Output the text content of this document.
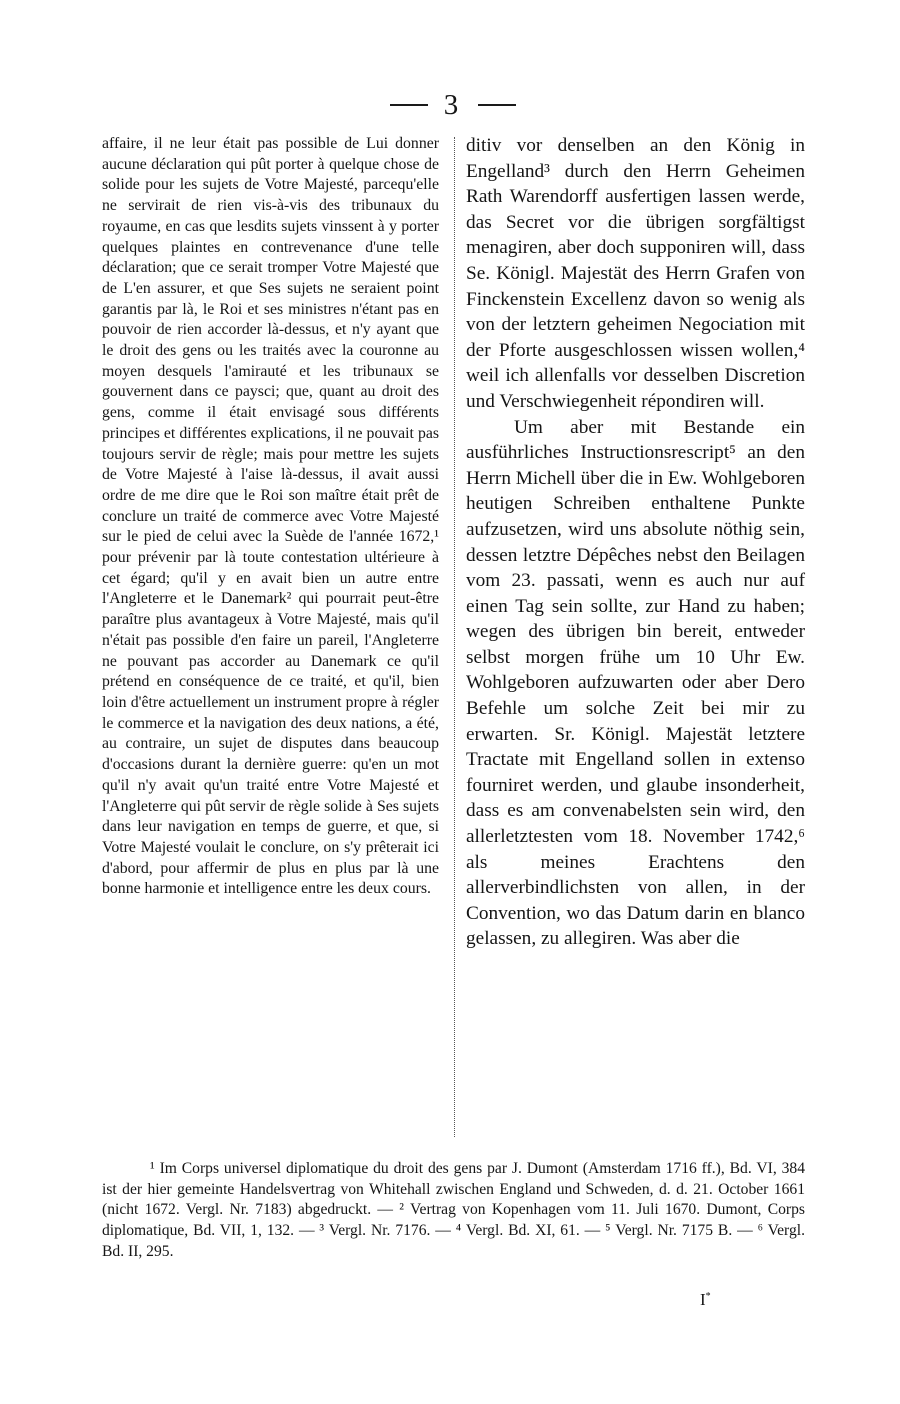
3

affaire, il ne leur était pas possible de Lui donner aucune déclaration qui pût porter à quelque chose de solide pour les sujets de Votre Majesté, parcequ'elle ne servirait de rien vis-à-vis des tribunaux du royaume, en cas que lesdits sujets vinssent à y porter quelques plaintes en contrevenance d'une telle déclaration; que ce serait tromper Votre Majesté que de L'en assurer, et que Ses sujets ne seraient point garantis par là, le Roi et ses ministres n'étant pas en pouvoir de rien accorder là-dessus, et n'y ayant que le droit des gens ou les traités avec la couronne au moyen desquels l'amirauté et les tribunaux se gouvernent dans ce paysci; que, quant au droit des gens, comme il était envisagé sous différents principes et différentes explications, il ne pouvait pas toujours servir de règle; mais pour mettre les sujets de Votre Majesté à l'aise là-dessus, il avait aussi ordre de me dire que le Roi son maître était prêt de conclure un traité de commerce avec Votre Majesté sur le pied de celui avec la Suède de l'année 1672,¹ pour prévenir par là toute contestation ultérieure à cet égard; qu'il y en avait bien un autre entre l'Angleterre et le Danemark² qui pourrait peut-être paraître plus avantageux à Votre Majesté, mais qu'il n'était pas possible d'en faire un pareil, l'Angleterre ne pouvant pas accorder au Danemark ce qu'il prétend en conséquence de ce traité, et qu'il, bien loin d'être actuellement un instrument propre à régler le commerce et la navigation des deux nations, a été, au contraire, un sujet de disputes dans beaucoup d'occasions durant la dernière guerre: qu'en un mot qu'il n'y avait qu'un traité entre Votre Majesté et l'Angleterre qui pût servir de règle solide à Ses sujets dans leur navigation en temps de guerre, et que, si Votre Majesté voulait le conclure, on s'y prêterait ici d'abord, pour affermir de plus en plus par là une bonne harmonie et intelligence entre les deux cours.

ditiv vor denselben an den König in Engelland³ durch den Herrn Geheimen Rath Warendorff ausfertigen lassen werde, das Secret vor die übrigen sorgfältigst menagiren, aber doch supponiren will, dass Se. Königl. Majestät des Herrn Grafen von Finckenstein Excellenz davon so wenig als von der letztern geheimen Negociation mit der Pforte ausgeschlossen wissen wollen,⁴ weil ich allenfalls vor desselben Discretion und Verschwiegenheit répondiren will.

Um aber mit Bestande ein ausführliches Instructionsrescript⁵ an den Herrn Michell über die in Ew. Wohlgeboren heutigen Schreiben enthaltene Punkte aufzusetzen, wird uns absolute nöthig sein, dessen letztre Dépêches nebst den Beilagen vom 23. passati, wenn es auch nur auf einen Tag sein sollte, zur Hand zu haben; wegen des übrigen bin bereit, entweder selbst morgen frühe um 10 Uhr Ew. Wohlgeboren aufzuwarten oder aber Dero Befehle um solche Zeit bei mir zu erwarten. Sr. Königl. Majestät letztere Tractate mit Engelland sollen in extenso fourniret werden, und glaube insonderheit, dass es am convenabelsten sein wird, den allerletztesten vom 18. November 1742,⁶ als meines Erachtens den allerverbindlichsten von allen, in der Convention, wo das Datum darin en blanco gelassen, zu allegiren. Was aber die

¹ Im Corps universel diplomatique du droit des gens par J. Dumont (Amsterdam 1716 ff.), Bd. VI, 384 ist der hier gemeinte Handelsvertrag von Whitehall zwischen England und Schweden, d. d. 21. October 1661 (nicht 1672. Vergl. Nr. 7183) abgedruckt. — ² Vertrag von Kopenhagen vom 11. Juli 1670. Dumont, Corps diplomatique, Bd. VII, 1, 132. — ³ Vergl. Nr. 7176. — ⁴ Vergl. Bd. XI, 61. — ⁵ Vergl. Nr. 7175 B. — ⁶ Vergl. Bd. II, 295.

I*
